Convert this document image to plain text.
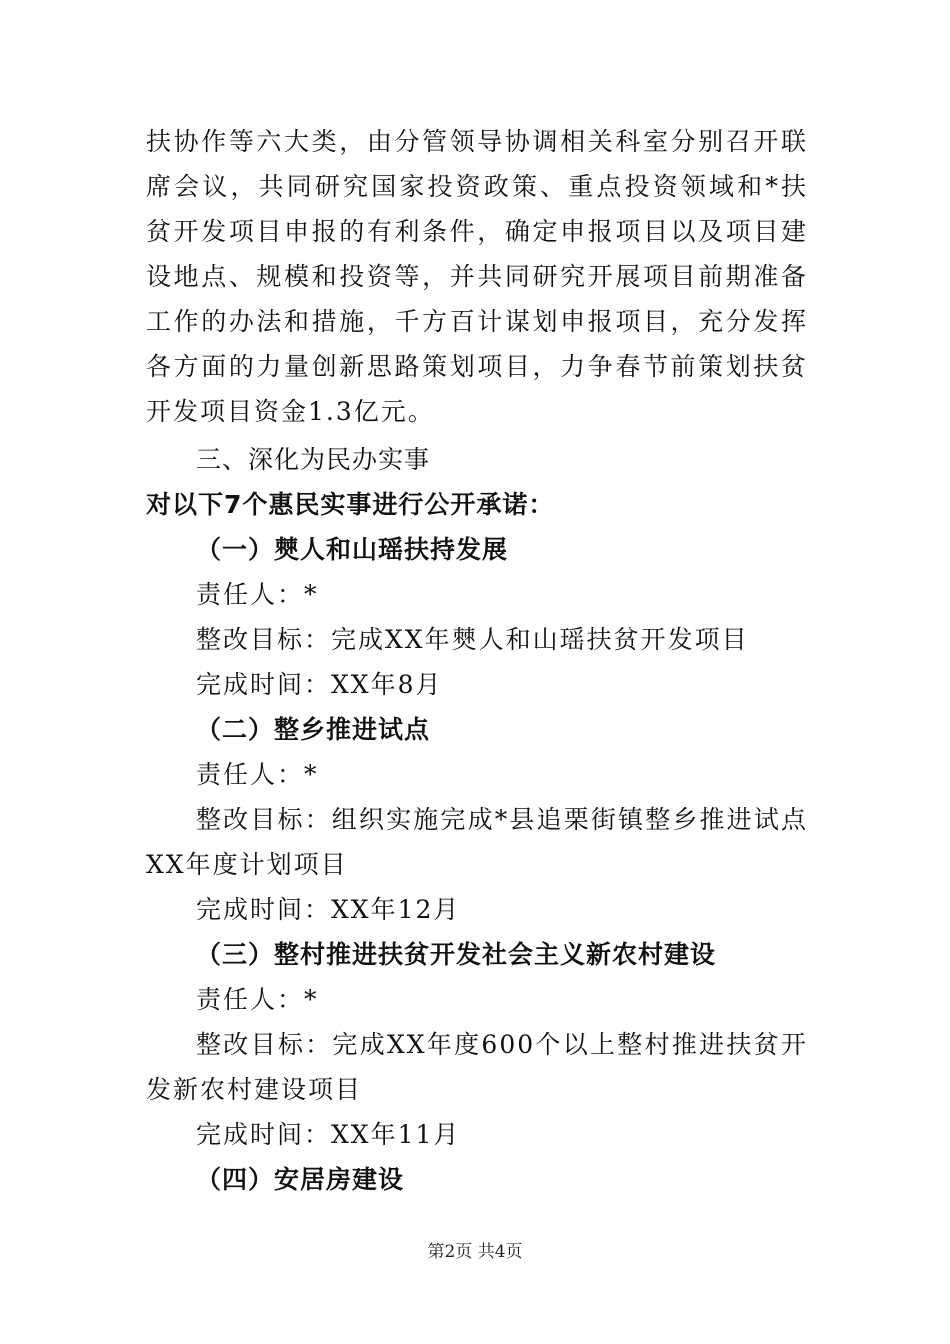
扶协作等六大类，由分管领导协调相关科室分别召开联席会议，共同研究国家投资政策、重点投资领域和*扶贫开发项目申报的有利条件，确定申报项目以及项目建设地点、规模和投资等，并共同研究开展项目前期准备工作的办法和措施，千方百计谋划申报项目，充分发挥各方面的力量创新思路策划项目，力争春节前策划扶贫开发项目资金1.3亿元。

三、深化为民办实事

对以下7个惠民实事进行公开承诺：

（一）僰人和山瑶扶持发展

责任人：*

整改目标：完成XX年僰人和山瑶扶贫开发项目

完成时间：XX年8月

（二）整乡推进试点

责任人：*

整改目标：组织实施完成*县追栗街镇整乡推进试点XX年度计划项目

完成时间：XX年12月

（三）整村推进扶贫开发社会主义新农村建设

责任人：*

整改目标：完成XX年度600个以上整村推进扶贫开发新农村建设项目

完成时间：XX年11月

（四）安居房建设

第2页 共4页
